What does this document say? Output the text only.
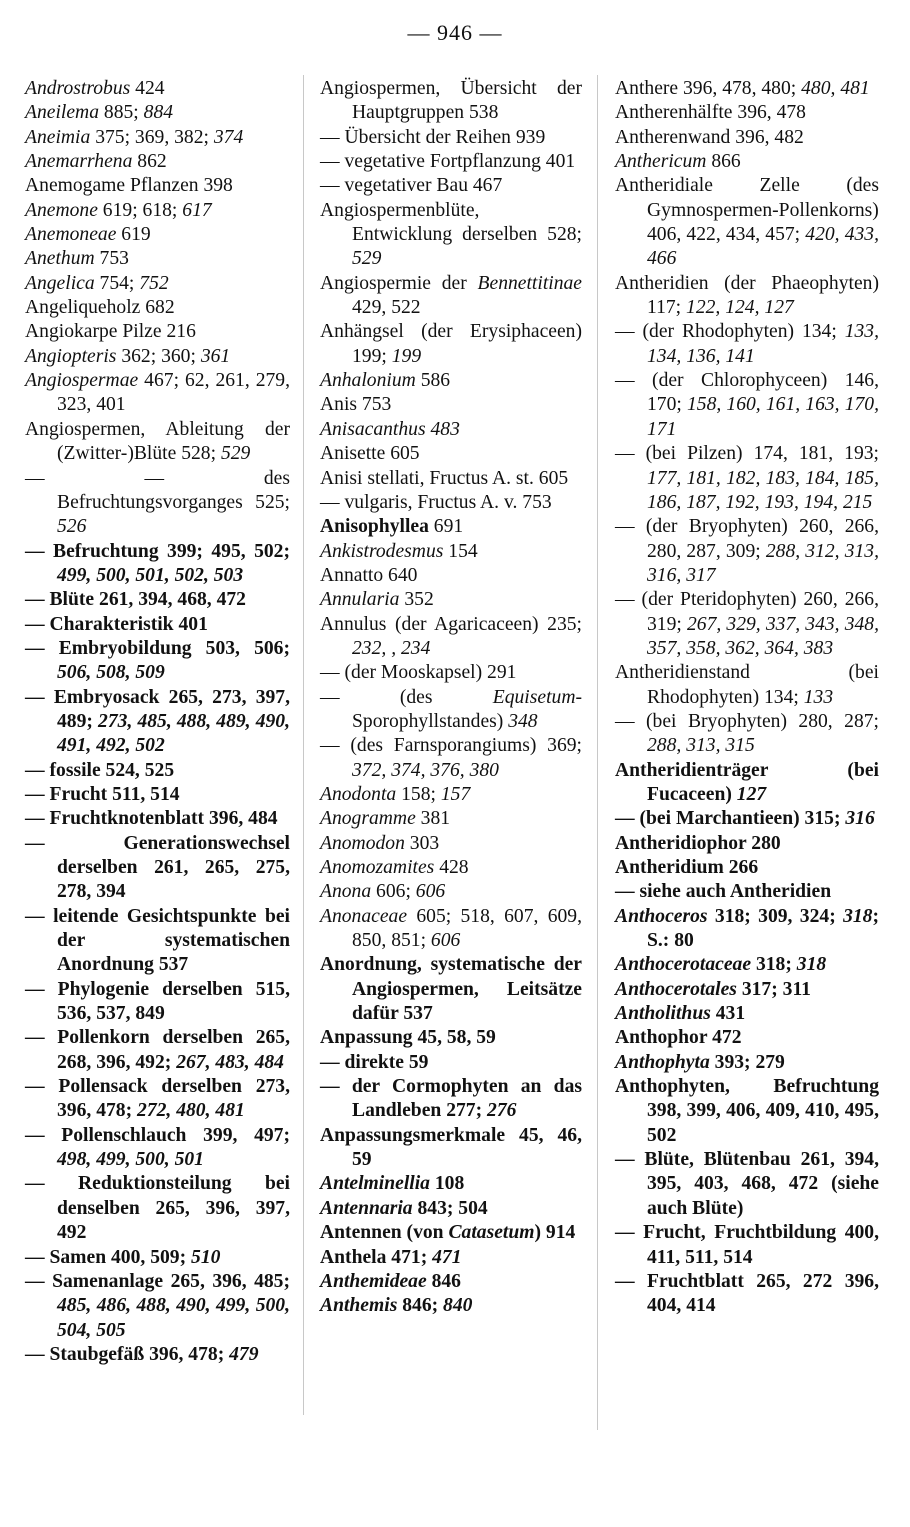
— 946 —
Androstrobus 424
Aneilema 885; 884
Aneimia 375; 369, 382; 374
Anemarrhena 862
Anemogame Pflanzen 398
Anemone 619; 618; 617
Anemoneae 619
Anethum 753
Angelica 754; 752
Angeliqueholz 682
Angiokarpe Pilze 216
Angiopteris 362; 360; 361
Angiospermae 467; 62, 261, 279, 323, 401
Angiospermen, Ableitung der (Zwitter-)Blüte 528; 529
— — des Befruchtungsvorganges 525; 526
— Befruchtung 399; 495, 502; 499, 500, 501, 502, 503
— Blüte 261, 394, 468, 472
— Charakteristik 401
— Embryobildung 503, 506; 506, 508, 509
— Embryosack 265, 273, 397, 489; 273, 485, 488, 489, 490, 491, 492, 502
— fossile 524, 525
— Frucht 511, 514
— Fruchtknotenblatt 396, 484
— Generationswechsel derselben 261, 265, 275, 278, 394
— leitende Gesichtspunkte bei der systematischen Anordnung 537
— Phylogenie derselben 515, 536, 537, 849
— Pollenkorn derselben 265, 268, 396, 492; 267, 483, 484
— Pollensack derselben 273, 396, 478; 272, 480, 481
— Pollenschlauch 399, 497; 498, 499, 500, 501
— Reduktionsteilung bei denselben 265, 396, 397, 492
— Samen 400, 509; 510
— Samenanlage 265, 396, 485; 485, 486, 488, 490, 499, 500, 504, 505
— Staubgefäß 396, 478; 479
Angiospermen, Übersicht der Hauptgruppen 538
— Übersicht der Reihen 939
— vegetative Fortpflanzung 401
— vegetativer Bau 467
Angiospermenblüte, Entwicklung derselben 528; 529
Angiospermie der Bennettitinae 429, 522
Anhängsel (der Erysiphaceen) 199; 199
Anhalonium 586
Anis 753
Anisacanthus 483
Anisette 605
Anisi stellati, Fructus A. st. 605
— vulgaris, Fructus A. v. 753
Anisophyllea 691
Ankistrodesmus 154
Annatto 640
Annularia 352
Annulus (der Agaricaceen) 235; 232, , 234
— (der Mooskapsel) 291
— (des Equisetum-Sporophyllstandes) 348
— (des Farnsporangiums) 369; 372, 374, 376, 380
Anodonta 158; 157
Anogramme 381
Anomodon 303
Anomozamites 428
Anona 606; 606
Anonaceae 605; 518, 607, 609, 850, 851; 606
Anordnung, systematische der Angiospermen, Leitsätze dafür 537
Anpassung 45, 58, 59
— direkte 59
— der Cormophyten an das Landleben 277; 276
Anpassungsmerkmale 45, 46, 59
Antelminellia 108
Antennaria 843; 504
Antennen (von Catasetum) 914
Anthela 471; 471
Anthemideae 846
Anthemis 846; 840
Anthere 396, 478, 480; 480, 481
Antherenhälfte 396, 478
Antherenwand 396, 482
Anthericum 866
Antheridiale Zelle (des Gymnospermen-Pollenkorns) 406, 422, 434, 457; 420, 433, 466
Antheridien (der Phaeophyten) 117; 122, 124, 127
— (der Rhodophyten) 134; 133, 134, 136, 141
— (der Chlorophyceen) 146, 170; 158, 160, 161, 163, 170, 171
— (bei Pilzen) 174, 181, 193; 177, 181, 182, 183, 184, 185, 186, 187, 192, 193, 194, 215
— (der Bryophyten) 260, 266, 280, 287, 309; 288, 312, 313, 316, 317
— (der Pteridophyten) 260, 266, 319; 267, 329, 337, 343, 348, 357, 358, 362, 364, 383
Antheridienstand (bei Rhodophyten) 134; 133
— (bei Bryophyten) 280, 287; 288, 313, 315
Antheridienträger (bei Fucaceen) 127
— (bei Marchantieen) 315; 316
Antheridiophor 280
Antheridium 266
— siehe auch Antheridien
Anthoceros 318; 309, 324; 318; S.: 80
Anthocerotaceae 318; 318
Anthocerotales 317; 311
Antholithus 431
Anthophor 472
Anthophyta 393; 279
Anthophyten, Befruchtung 398, 399, 406, 409, 410, 495, 502
— Blüte, Blütenbau 261, 394, 395, 403, 468, 472 (siehe auch Blüte)
— Frucht, Fruchtbildung 400, 411, 511, 514
— Fruchtblatt 265, 272 396, 404, 414
